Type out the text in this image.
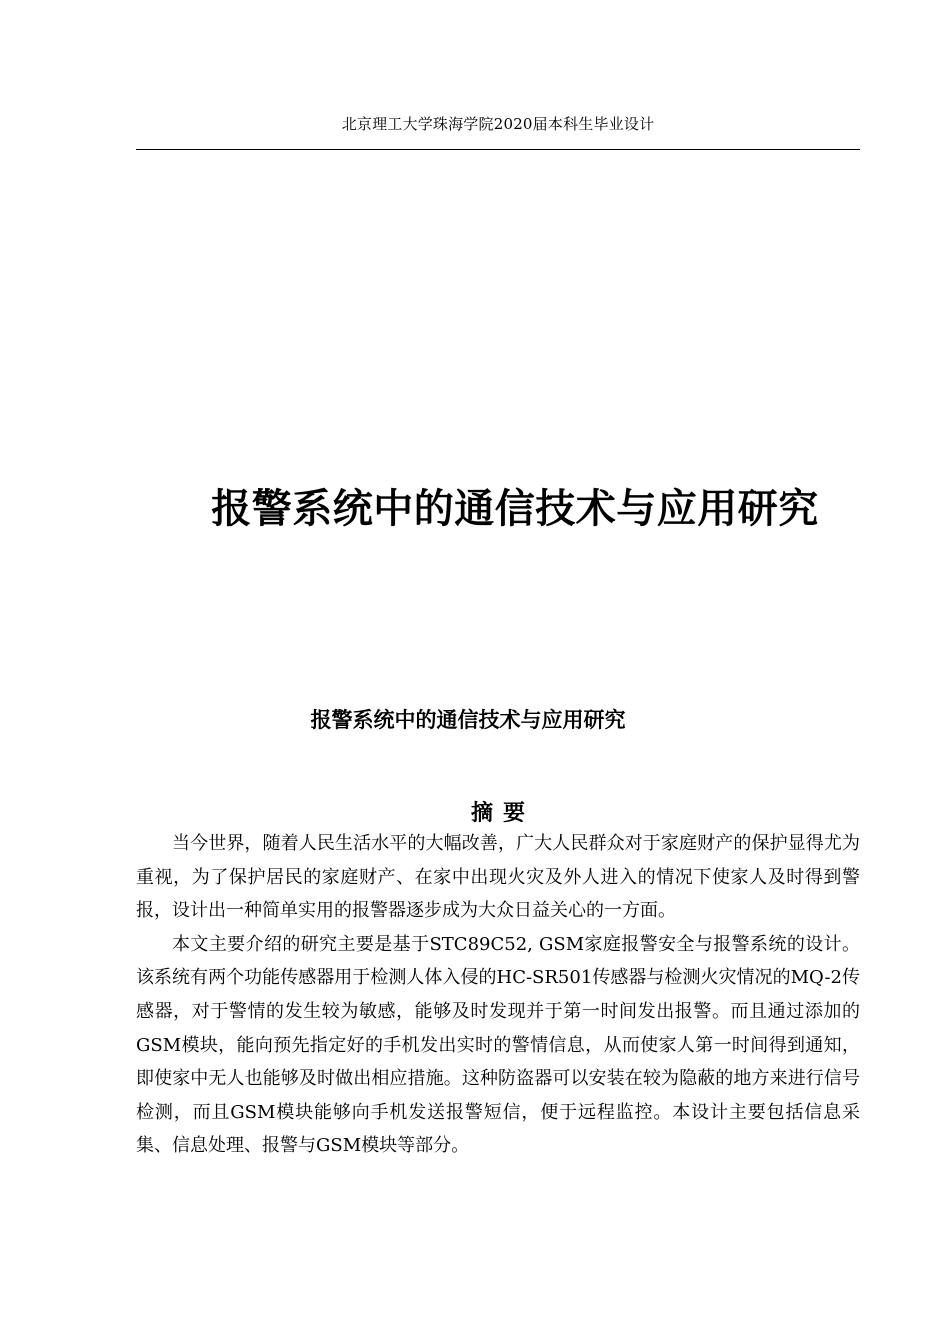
北京理工大学珠海学院2020届本科生毕业设计
报警系统中的通信技术与应用研究
报警系统中的通信技术与应用研究
摘要

当今世界，随着人民生活水平的大幅改善，广大人民群众对于家庭财产的保护显得尤为重视，为了保护居民的家庭财产、在家中出现火灾及外人进入的情况下使家人及时得到警报，设计出一种简单实用的报警器逐步成为大众日益关心的一方面。

本文主要介绍的研究主要是基于STC89C52, GSM家庭报警安全与报警系统的设计。该系统有两个功能传感器用于检测人体入侵的HC-SR501传感器与检测火灾情况的MQ-2传感器，对于警情的发生较为敏感，能够及时发现并于第一时间发出报警。而且通过添加的GSM模块，能向预先指定好的手机发出实时的警情信息，从而使家人第一时间得到通知，即使家中无人也能够及时做出相应措施。这种防盗器可以安装在较为隐蔽的地方来进行信号检测，而且GSM模块能够向手机发送报警短信，便于远程监控。本设计主要包括信息采集、信息处理、报警与GSM模块等部分。
